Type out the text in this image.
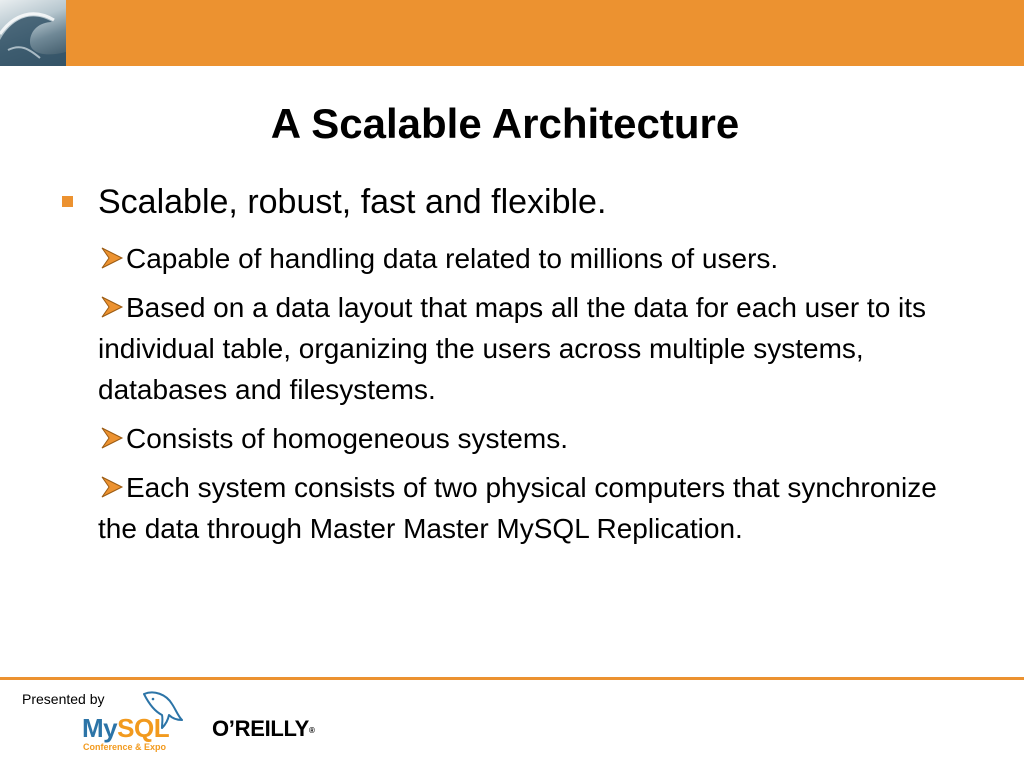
A Scalable Architecture
Scalable, robust, fast and flexible.
Capable of handling data related to millions of users.
Based on a data layout that maps all the data for each user to its individual table, organizing the users across multiple systems, databases and filesystems.
Consists of homogeneous systems.
Each system consists of two physical computers that synchronize the data through Master Master MySQL Replication.
Presented by
MySQL
Conference & Expo
O’REILLY®
